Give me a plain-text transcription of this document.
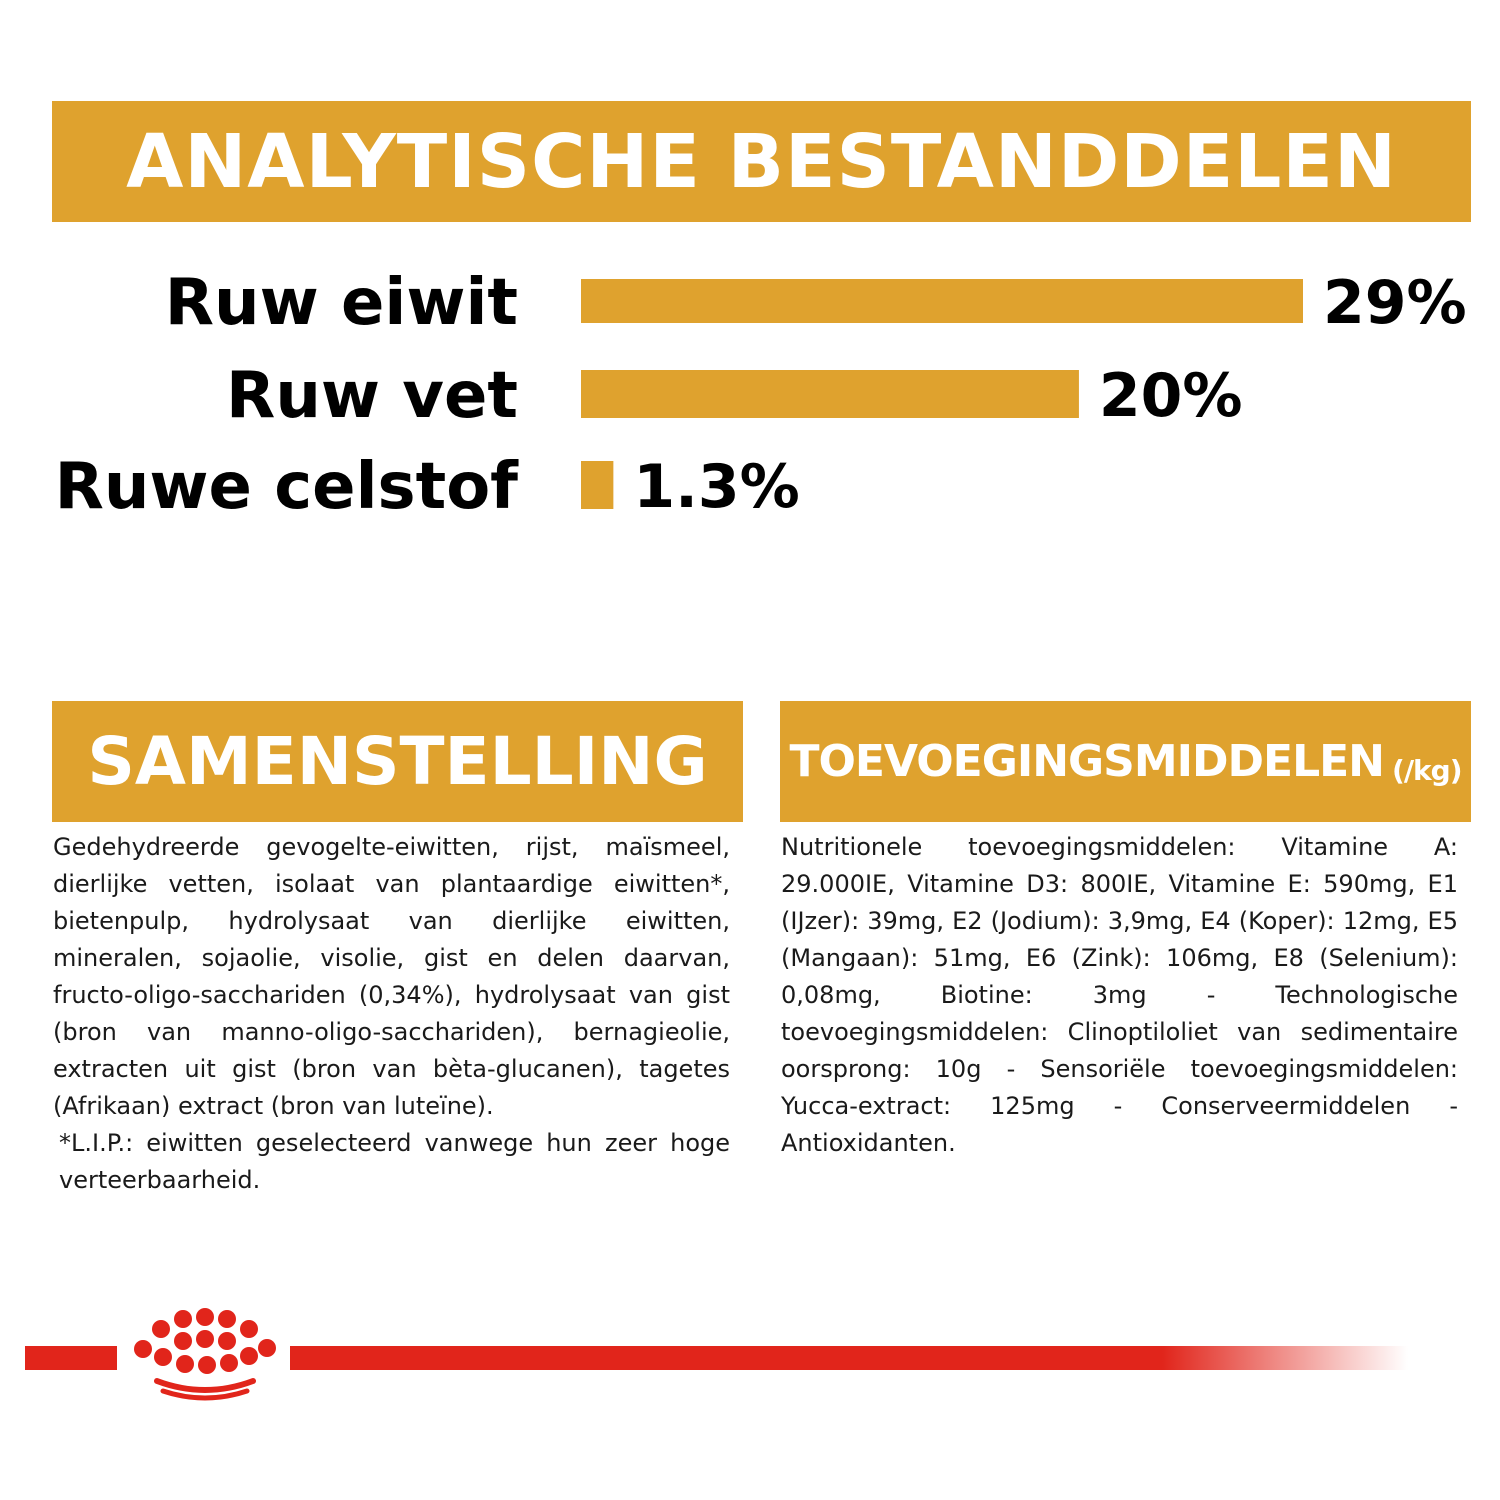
ANALYTISCHE BESTANDDELEN
Ruw eiwit	29%
Ruw vet	20%
Ruwe celstof 1.3%
SAMENSTELLING TOEVOEGINGSMIDDELEN (/kg)
Gedehydreerde gevogelte-eiwitten, rijst, maïsmeel, dierlijke vetten, isolaat van plantaardige eiwitten*, bietenpulp, hydrolysaat van dierlijke eiwitten, mineralen, sojaolie, visolie, gist en delen daarvan, fructo-oligo-sacchariden (0,34%), hydrolysaat van gist (bron van manno-oligo-sacchariden), bernagieolie, extracten uit gist (bron van bèta-glucanen), tagetes (Afrikaan) extract (bron van luteïne).
*L.I.P.: eiwitten geselecteerd vanwege hun zeer hoge verteerbaarheid.
Nutritionele toevoegingsmiddelen: Vitamine A: 29.000IE, Vitamine D3: 800IE, Vitamine E: 590mg, E1 (IJzer): 39mg, E2 (Jodium): 3,9mg, E4 (Koper): 12mg, E5 (Mangaan): 51mg, E6 (Zink): 106mg, E8 (Selenium): 0,08mg, Biotine: 3mg - Technologische toevoegingsmiddelen: Clinoptiloliet van sedimentaire oorsprong: 10g - Sensoriële toevoegingsmiddelen: Yucca-extract: 125mg - Conserveermiddelen - Antioxidanten.
